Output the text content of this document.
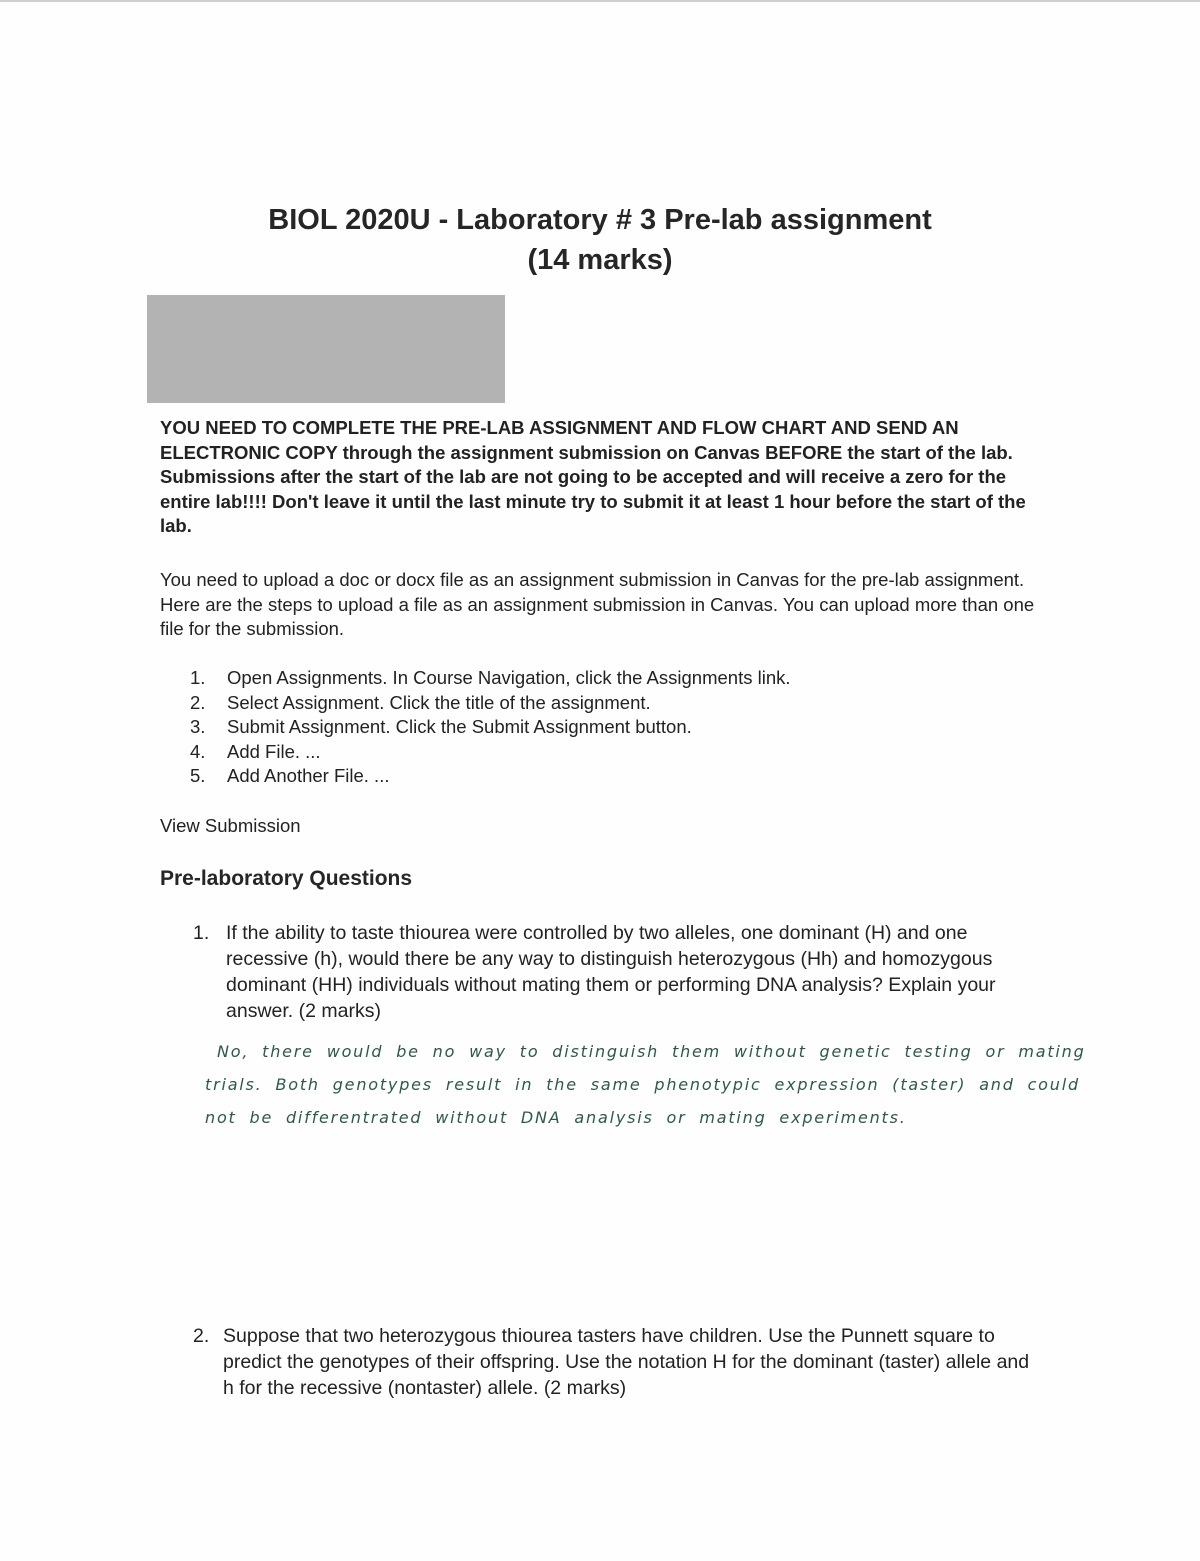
BIOL 2020U - Laboratory # 3 Pre-lab assignment
(14 marks)
YOU NEED TO COMPLETE THE PRE-LAB ASSIGNMENT AND FLOW CHART AND SEND AN ELECTRONIC COPY through the assignment submission on Canvas BEFORE the start of the lab. Submissions after the start of the lab are not going to be accepted and will receive a zero for the entire lab!!!! Don't leave it until the last minute try to submit it at least 1 hour before the start of the lab.
You need to upload a doc or docx file as an assignment submission in Canvas for the pre-lab assignment. Here are the steps to upload a file as an assignment submission in Canvas. You can upload more than one file for the submission.
1.	Open Assignments. In Course Navigation, click the Assignments link.
2.	Select Assignment. Click the title of the assignment.
3.	Submit Assignment. Click the Submit Assignment button.
4.	Add File. ...
5.	Add Another File. ...
View Submission
Pre-laboratory Questions
1. If the ability to taste thiourea were controlled by two alleles, one dominant (H) and one recessive (h), would there be any way to distinguish heterozygous (Hh) and homozygous dominant (HH) individuals without mating them or performing DNA analysis? Explain your answer. (2 marks)
No, there would be no way to distinguish them without genetic testing or mating
trials. Both genotypes result in the same phenotypic expression (taster) and could
not be differentrated without DNA analysis or mating experiments.
2. Suppose that two heterozygous thiourea tasters have children. Use the Punnett square to predict the genotypes of their offspring. Use the notation H for the dominant (taster) allele and h for the recessive (nontaster) allele. (2 marks)
